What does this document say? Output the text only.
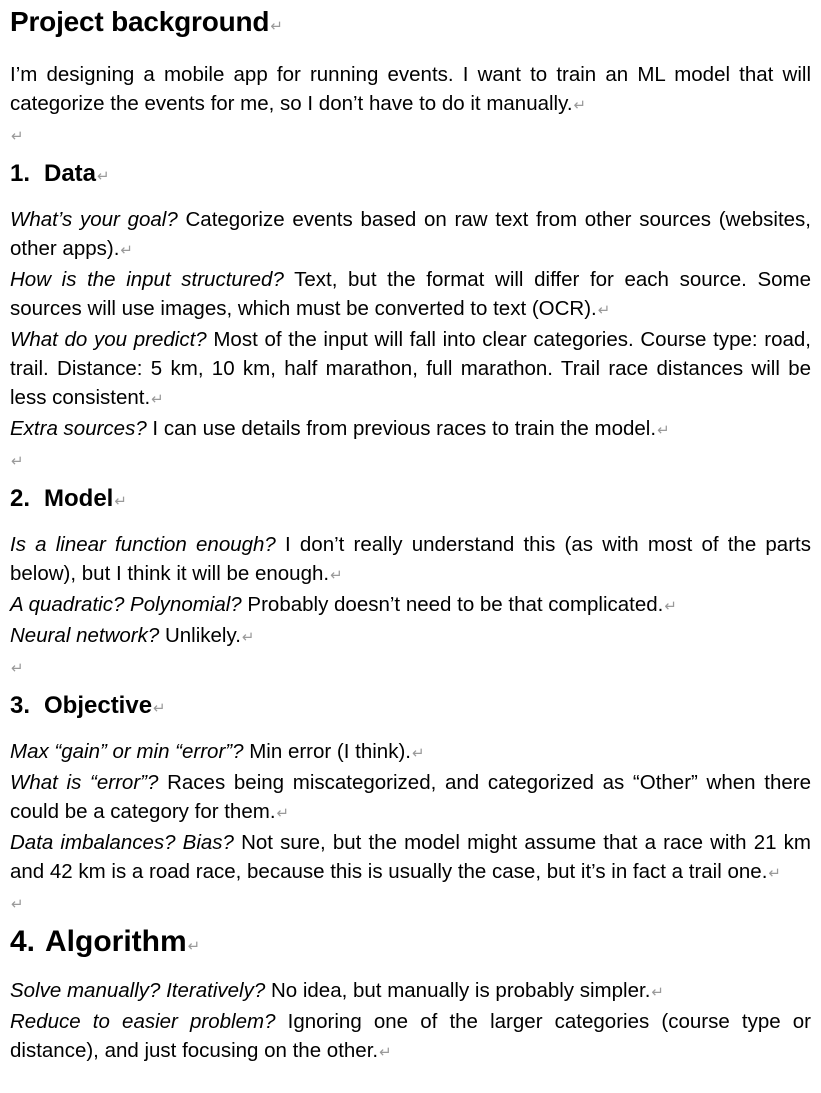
Project background↵

I’m designing a mobile app for running events. I want to train an ML model that will categorize the events for me, so I don’t have to do it manually.↵

↵
1. Data↵

What’s your goal? Categorize events based on raw text from other sources (websites, other apps).↵

How is the input structured? Text, but the format will differ for each source. Some sources will use images, which must be converted to text (OCR).↵

What do you predict? Most of the input will fall into clear categories. Course type: road, trail. Distance: 5 km, 10 km, half marathon, full marathon. Trail race distances will be less consistent.↵

Extra sources? I can use details from previous races to train the model.↵

↵
2. Model↵

Is a linear function enough? I don’t really understand this (as with most of the parts below), but I think it will be enough.↵

A quadratic? Polynomial? Probably doesn’t need to be that complicated.↵

Neural network? Unlikely.↵

↵
3. Objective↵

Max “gain” or min “error”? Min error (I think).↵

What is “error”? Races being miscategorized, and categorized as “Other” when there could be a category for them.↵

Data imbalances? Bias? Not sure, but the model might assume that a race with 21 km and 42 km is a road race, because this is usually the case, but it’s in fact a trail one.↵

↵
4. Algorithm↵

Solve manually? Iteratively? No idea, but manually is probably simpler.↵

Reduce to easier problem? Ignoring one of the larger categories (course type or distance), and just focusing on the other.↵
